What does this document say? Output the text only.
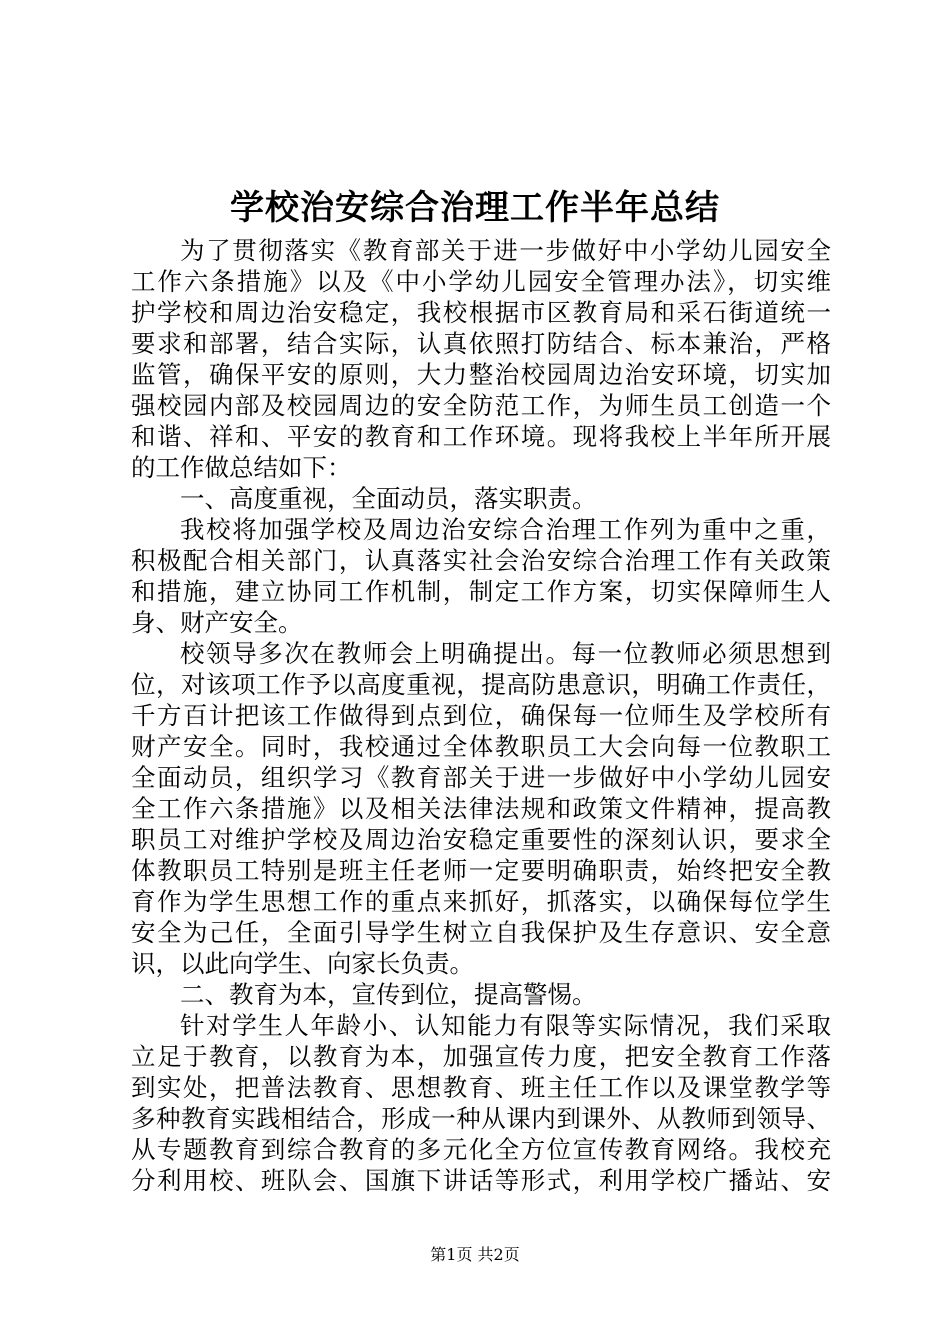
学校治安综合治理工作半年总结
为了贯彻落实《教育部关于进一步做好中小学幼儿园安全
工作六条措施》以及《中小学幼儿园安全管理办法》，切实维
护学校和周边治安稳定，我校根据市区教育局和采石街道统一
要求和部署，结合实际，认真依照打防结合、标本兼治，严格
监管，确保平安的原则，大力整治校园周边治安环境，切实加
强校园内部及校园周边的安全防范工作，为师生员工创造一个
和谐、祥和、平安的教育和工作环境。现将我校上半年所开展
的工作做总结如下：
一、高度重视，全面动员，落实职责。
我校将加强学校及周边治安综合治理工作列为重中之重，
积极配合相关部门，认真落实社会治安综合治理工作有关政策
和措施，建立协同工作机制，制定工作方案，切实保障师生人
身、财产安全。
校领导多次在教师会上明确提出。每一位教师必须思想到
位，对该项工作予以高度重视，提高防患意识，明确工作责任，
千方百计把该工作做得到点到位，确保每一位师生及学校所有
财产安全。同时，我校通过全体教职员工大会向每一位教职工
全面动员，组织学习《教育部关于进一步做好中小学幼儿园安
全工作六条措施》以及相关法律法规和政策文件精神，提高教
职员工对维护学校及周边治安稳定重要性的深刻认识，要求全
体教职员工特别是班主任老师一定要明确职责，始终把安全教
育作为学生思想工作的重点来抓好，抓落实，以确保每位学生
安全为己任，全面引导学生树立自我保护及生存意识、安全意
识，以此向学生、向家长负责。
二、教育为本，宣传到位，提高警惕。
针对学生人年龄小、认知能力有限等实际情况，我们采取
立足于教育，以教育为本，加强宣传力度，把安全教育工作落
到实处，把普法教育、思想教育、班主任工作以及课堂教学等
多种教育实践相结合，形成一种从课内到课外、从教师到领导、
从专题教育到综合教育的多元化全方位宣传教育网络。我校充
分利用校、班队会、国旗下讲话等形式，利用学校广播站、安
第1页 共2页
